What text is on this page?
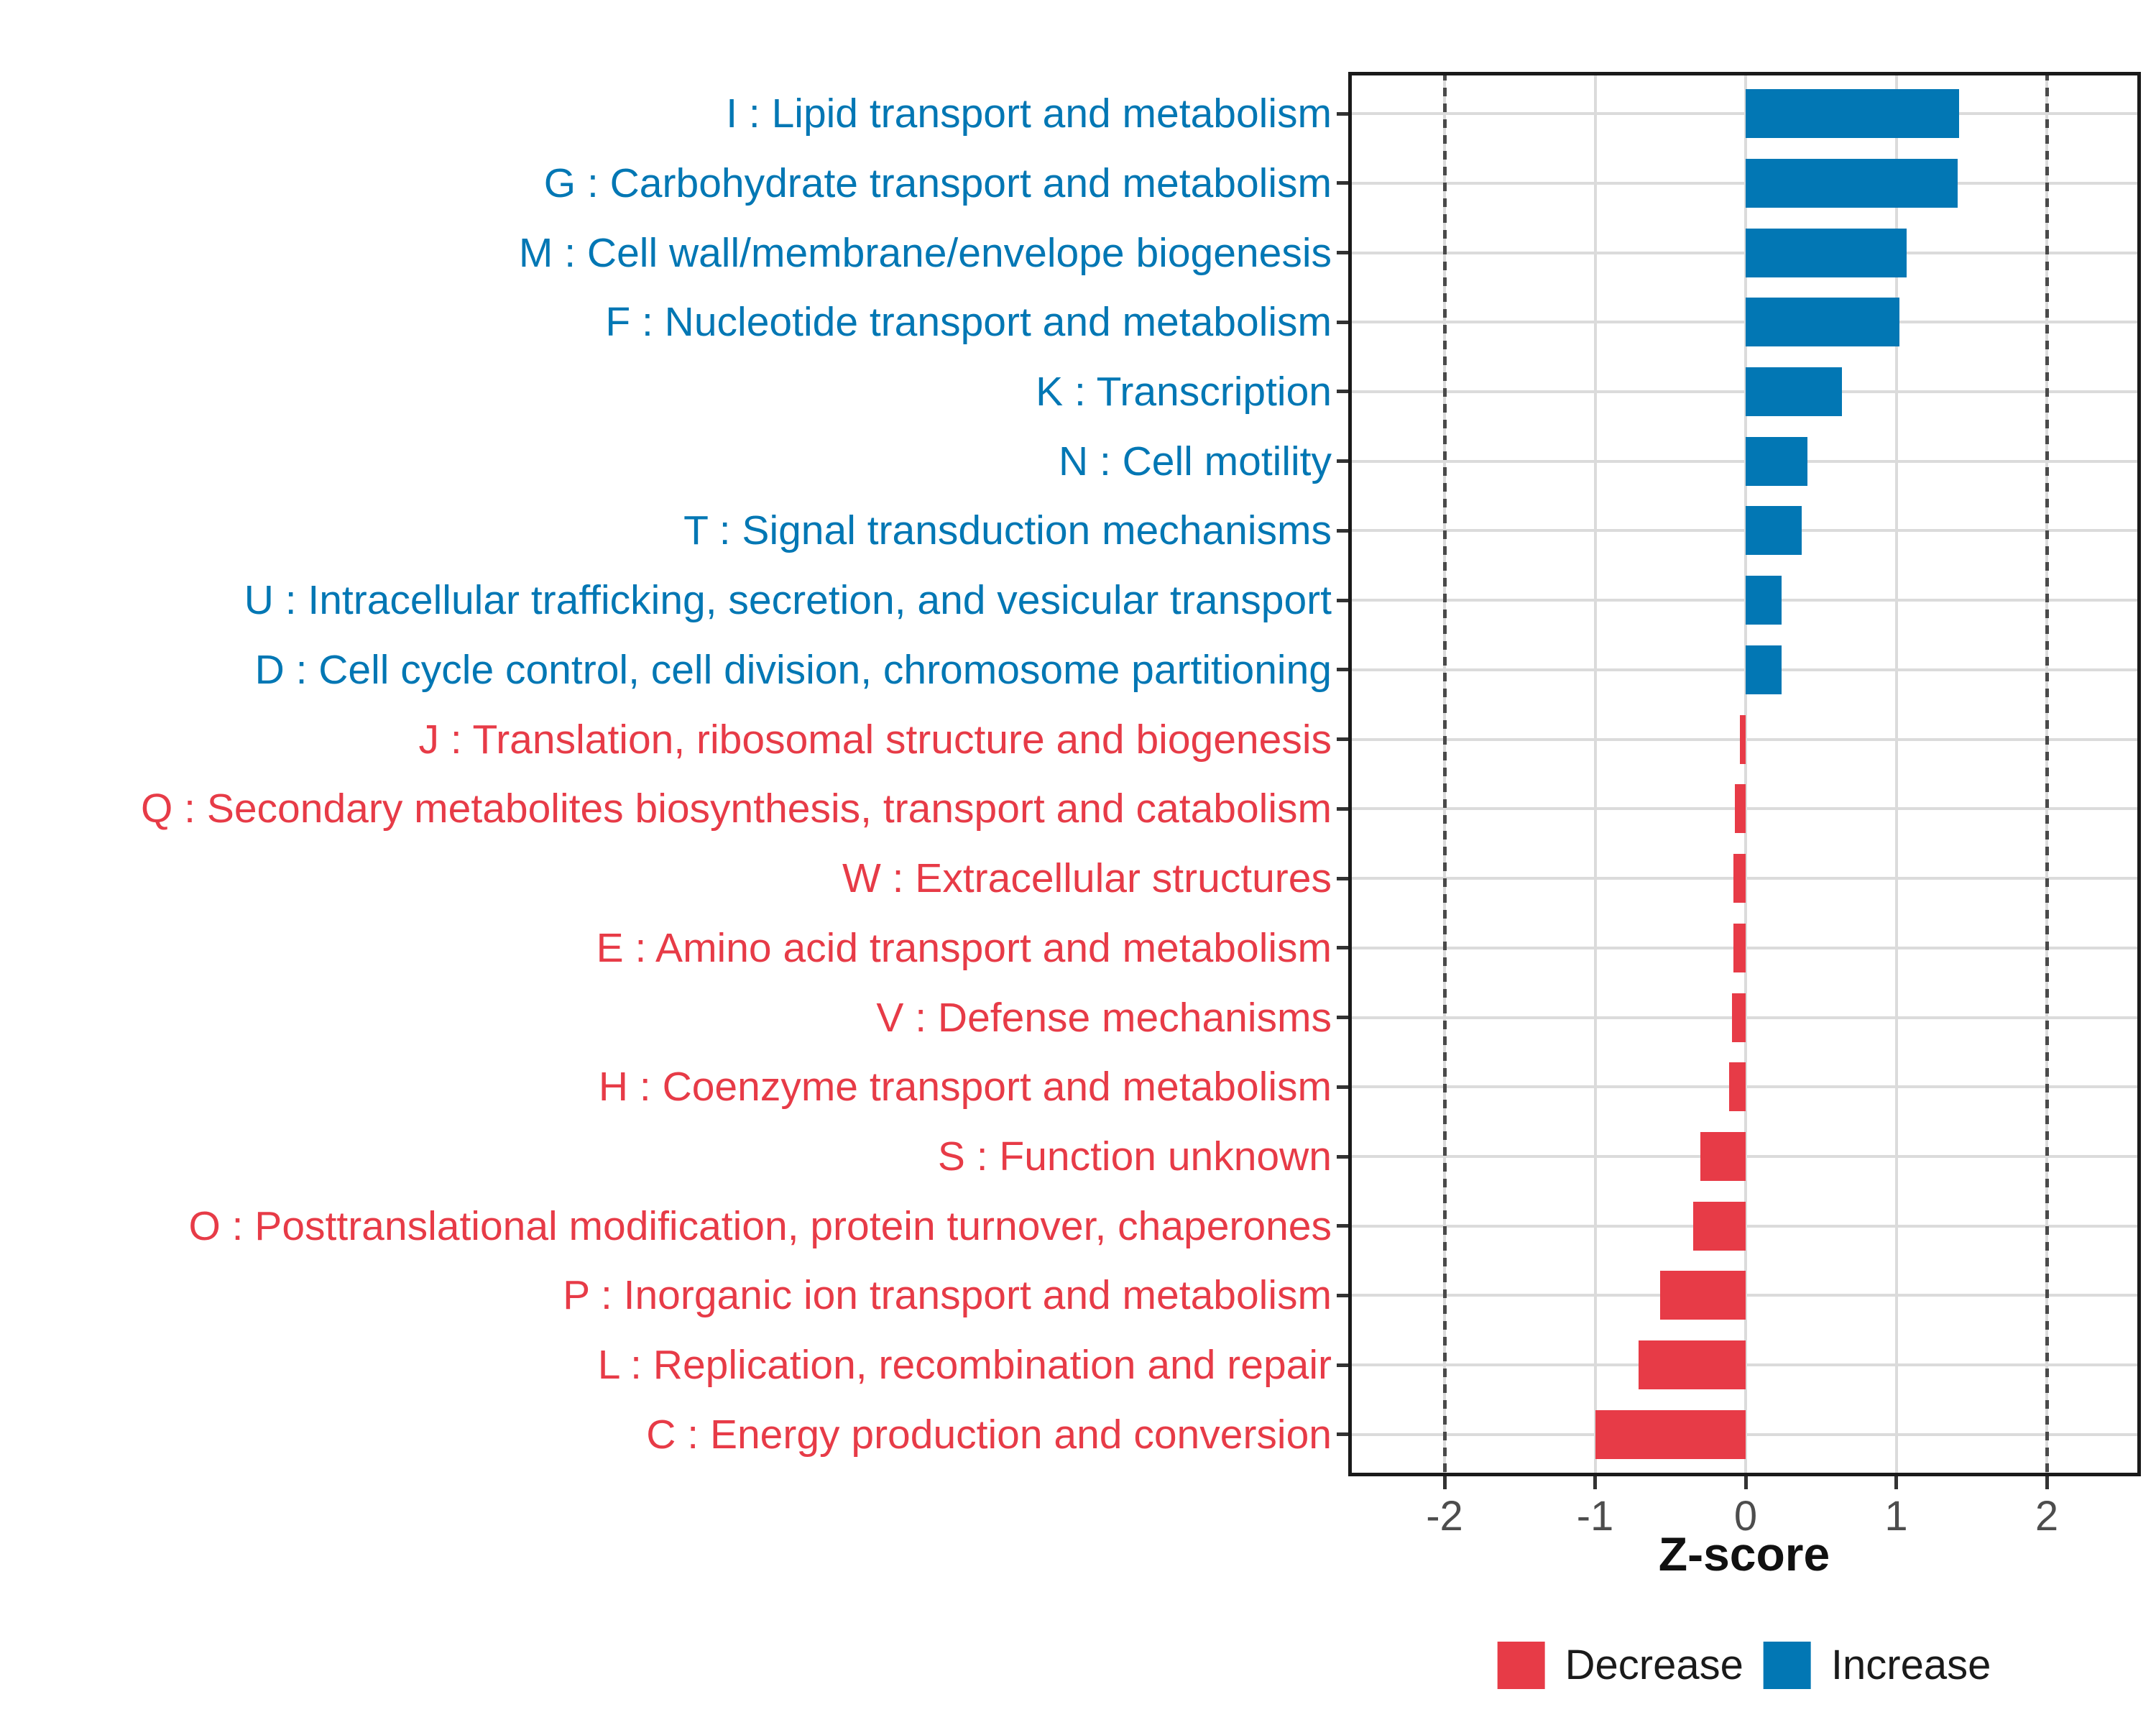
I : Lipid transport and metabolism
G : Carbohydrate transport and metabolism
M : Cell wall/membrane/envelope biogenesis
F : Nucleotide transport and metabolism
K : Transcription
N : Cell motility
T : Signal transduction mechanisms
U : Intracellular trafficking, secretion, and vesicular transport
D : Cell cycle control, cell division, chromosome partitioning
J : Translation, ribosomal structure and biogenesis
Q : Secondary metabolites biosynthesis, transport and catabolism
W : Extracellular structures
E : Amino acid transport and metabolism
V : Defense mechanisms
H : Coenzyme transport and metabolism
S : Function unknown
O : Posttranslational modification, protein turnover, chaperones
P : Inorganic ion transport and metabolism
L : Replication, recombination and repair
C : Energy production and conversion
-2	-1	0	1	2
Z-score
Decrease Increase
